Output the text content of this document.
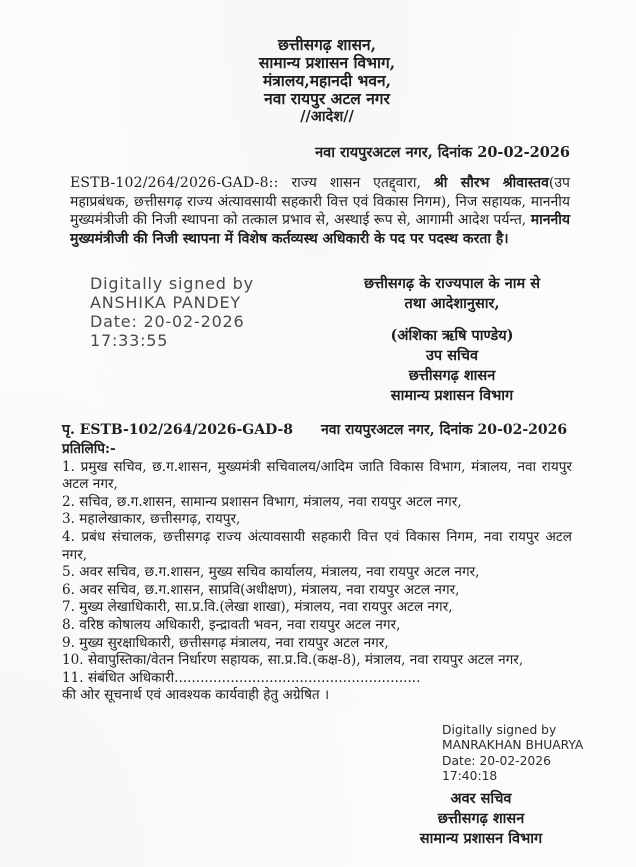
छत्तीसगढ़ शासन,
सामान्य प्रशासन विभाग,
मंत्रालय,महानदी भवन,
नवा रायपुर अटल नगर
//आदेश//
नवा रायपुरअटल नगर, दिनांक 20-02-2026
ESTB-102/264/2026-GAD-8:: राज्य शासन एतद्द्वारा, श्री सौरभ श्रीवास्तव(उप महाप्रबंधक, छत्तीसगढ़ राज्य अंत्यावसायी सहकारी वित्त एवं विकास निगम), निज सहायक, माननीय मुख्यमंत्रीजी की निजी स्थापना को तत्काल प्रभाव से, अस्थाई रूप से, आगामी आदेश पर्यन्त, माननीय मुख्यमंत्रीजी की निजी स्थापना में विशेष कर्तव्यस्थ अधिकारी के पद पर पदस्थ करता है।
Digitally signed by
ANSHIKA PANDEY
Date: 20-02-2026
17:33:55
छत्तीसगढ़ के राज्यपाल के नाम से
तथा आदेशानुसार,
(अंशिका ऋषि पाण्डेय)
उप सचिव
छत्तीसगढ़ शासन
सामान्य प्रशासन विभाग
पृ. ESTB-102/264/2026-GAD-8 नवा रायपुरअटल नगर, दिनांक 20-02-2026
प्रतिलिपि:-
1. प्रमुख सचिव, छ.ग.शासन, मुख्यमंत्री सचिवालय/आदिम जाति विकास विभाग, मंत्रालय, नवा रायपुर अटल नगर,
2. सचिव, छ.ग.शासन, सामान्य प्रशासन विभाग, मंत्रालय, नवा रायपुर अटल नगर,
3. महालेखाकार, छत्तीसगढ़, रायपुर,
4. प्रबंध संचालक, छत्तीसगढ़ राज्य अंत्यावसायी सहकारी वित्त एवं विकास निगम, नवा रायपुर अटल नगर,
5. अवर सचिव, छ.ग.शासन, मुख्य सचिव कार्यालय, मंत्रालय, नवा रायपुर अटल नगर,
6. अवर सचिव, छ.ग.शासन, साप्रवि(अधीक्षण), मंत्रालय, नवा रायपुर अटल नगर,
7. मुख्य लेखाधिकारी, सा.प्र.वि.(लेखा शाखा), मंत्रालय, नवा रायपुर अटल नगर,
8. वरिष्ठ कोषालय अधिकारी, इन्द्रावती भवन, नवा रायपुर अटल नगर,
9. मुख्य सुरक्षाधिकारी, छत्तीसगढ़ मंत्रालय, नवा रायपुर अटल नगर,
10. सेवापुस्तिका/वेतन निर्धारण सहायक, सा.प्र.वि.(कक्ष-8), मंत्रालय, नवा रायपुर अटल नगर,
11. संबंधित अधिकारी.........................................................
की ओर सूचनार्थ एवं आवश्यक कार्यवाही हेतु अग्रेषित ।
Digitally signed by
MANRAKHAN BHUARYA
Date: 20-02-2026
17:40:18
अवर सचिव
छत्तीसगढ़ शासन
सामान्य प्रशासन विभाग
